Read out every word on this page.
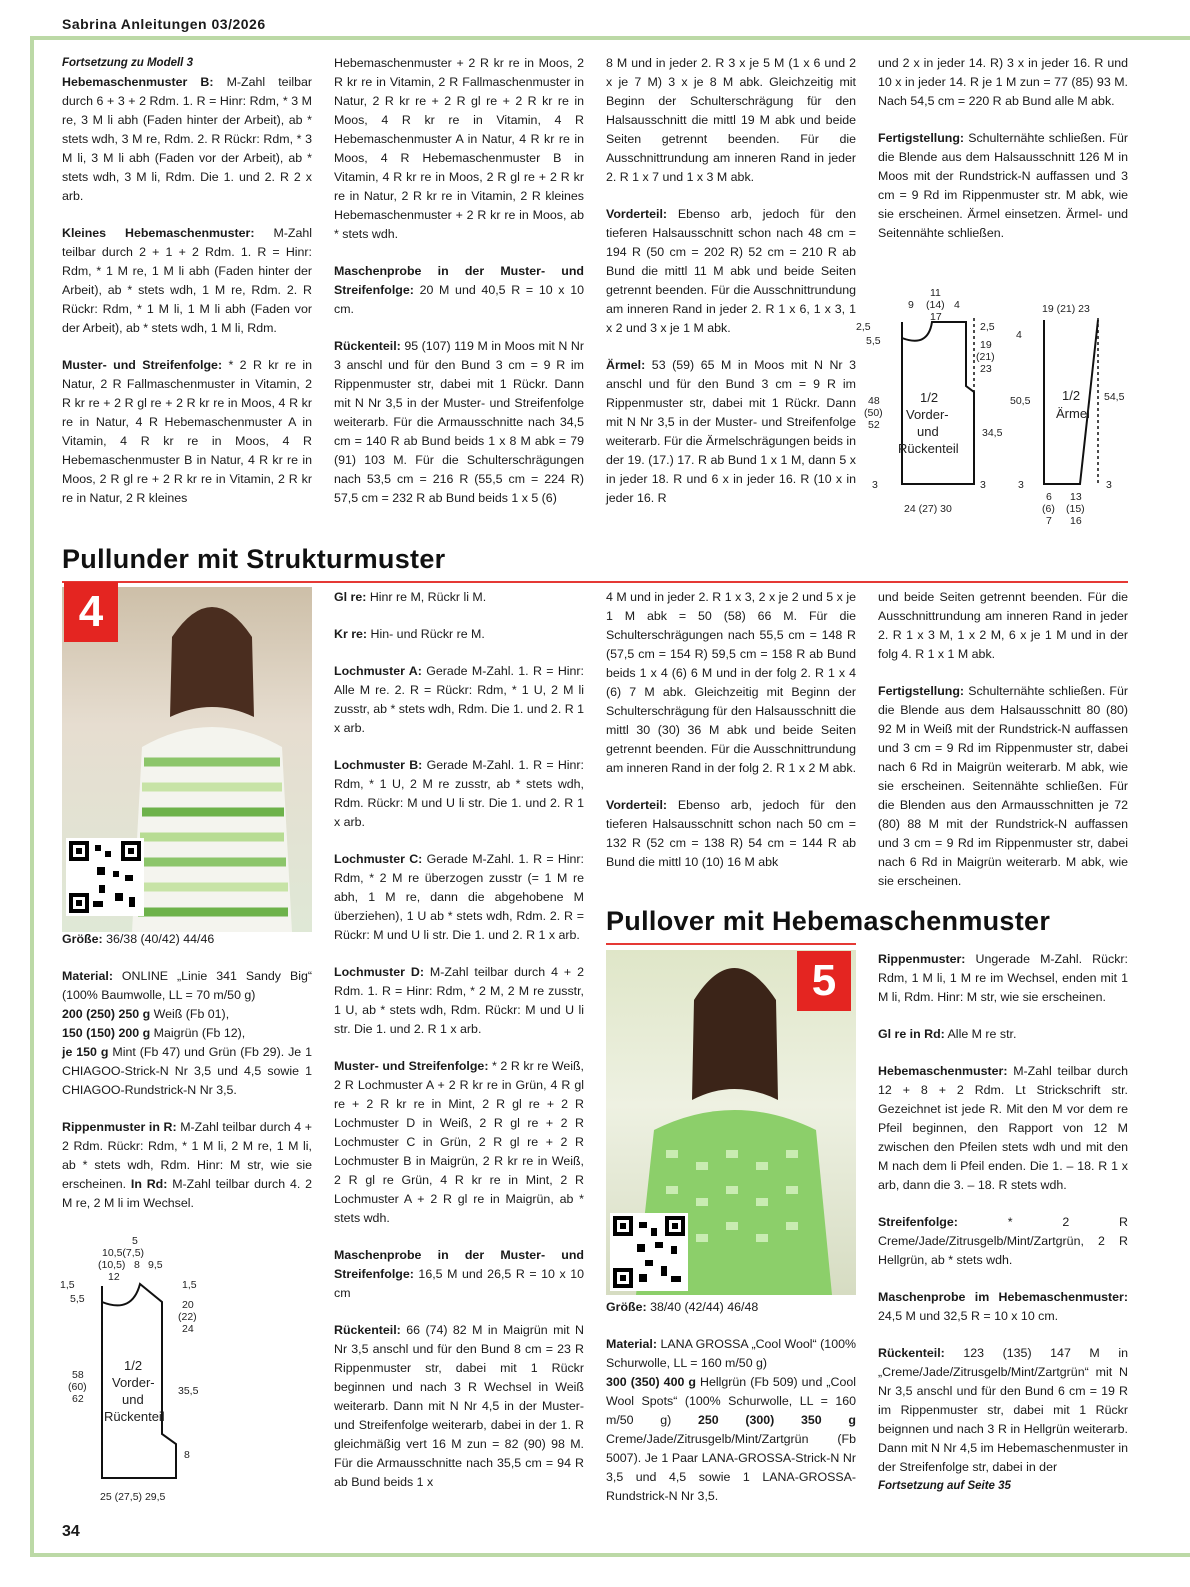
Sabrina Anleitungen 03/2026
34
Fortsetzung zu Modell 3

Hebemaschenmuster B: M-Zahl teilbar durch 6 + 3 + 2 Rdm. 1. R = Hinr: Rdm, * 3 M re, 3 M li abh (Faden hinter der Arbeit), ab * stets wdh, 3 M re, Rdm. 2. R Rückr: Rdm, * 3 M li, 3 M li abh (Faden vor der Arbeit), ab * stets wdh, 3 M li, Rdm. Die 1. und 2. R 2 x arb.

Kleines Hebemaschenmuster: M-Zahl teilbar durch 2 + 1 + 2 Rdm. 1. R = Hinr: Rdm, * 1 M re, 1 M li abh (Faden hinter der Arbeit), ab * stets wdh, 1 M re, Rdm. 2. R Rückr: Rdm, * 1 M li, 1 M li abh (Faden vor der Arbeit), ab * stets wdh, 1 M li, Rdm.

Muster- und Streifenfolge: * 2 R kr re in Natur, 2 R Fallmaschenmuster in Vitamin, 2 R kr re + 2 R gl re + 2 R kr re in Moos, 4 R kr re in Natur, 4 R Hebemaschenmuster A in Vitamin, 4 R kr re in Moos, 4 R Hebemaschenmuster B in Natur, 4 R kr re in Moos, 2 R gl re + 2 R kr re in Vitamin, 2 R kr re in Natur, 2 R kleines

Hebemaschenmuster + 2 R kr re in Moos, 2 R kr re in Vitamin, 2 R Fallmaschenmuster in Natur, 2 R kr re + 2 R gl re + 2 R kr re in Moos, 4 R kr re in Vitamin, 4 R Hebemaschenmuster A in Natur, 4 R kr re in Moos, 4 R Hebemaschenmuster B in Vitamin, 4 R kr re in Moos, 2 R gl re + 2 R kr re in Natur, 2 R kr re in Vitamin, 2 R kleines Hebemaschenmuster + 2 R kr re in Moos, ab * stets wdh.

Maschenprobe in der Muster- und Streifenfolge: 20 M und 40,5 R = 10 x 10 cm.

Rückenteil: 95 (107) 119 M in Moos mit N Nr 3 anschl und für den Bund 3 cm = 9 R im Rippenmuster str, dabei mit 1 Rückr. Dann mit N Nr 3,5 in der Muster- und Streifenfolge weiterarb. Für die Armausschnitte nach 34,5 cm = 140 R ab Bund beids 1 x 8 M abk = 79 (91) 103 M. Für die Schulterschrägungen nach 53,5 cm = 216 R (55,5 cm = 224 R) 57,5 cm = 232 R ab Bund beids 1 x 5 (6)

8 M und in jeder 2. R 3 x je 5 M (1 x 6 und 2 x je 7 M) 3 x je 8 M abk. Gleichzeitig mit Beginn der Schulterschrägung für den Halsausschnitt die mittl 19 M abk und beide Seiten getrennt beenden. Für die Ausschnittrundung am inneren Rand in jeder 2. R 1 x 7 und 1 x 3 M abk.

Vorderteil: Ebenso arb, jedoch für den tieferen Halsausschnitt schon nach 48 cm = 194 R (50 cm = 202 R) 52 cm = 210 R ab Bund die mittl 11 M abk und beide Seiten getrennt beenden. Für die Ausschnittrundung am inneren Rand in jeder 2. R 1 x 6, 1 x 3, 1 x 2 und 3 x je 1 M abk.

Ärmel: 53 (59) 65 M in Moos mit N Nr 3 anschl und für den Bund 3 cm = 9 R im Rippenmuster str, dabei mit 1 Rückr. Dann mit N Nr 3,5 in der Muster- und Streifenfolge weiterarb. Für die Ärmelschrägungen beids in der 19. (17.) 17. R ab Bund 1 x 1 M, dann 5 x in jeder 18. R und 6 x in jeder 16. R (10 x in jeder 16. R

und 2 x in jeder 14. R) 3 x in jeder 16. R und 10 x in jeder 14. R je 1 M zun = 77 (85) 93 M. Nach 54,5 cm = 220 R ab Bund alle M abk.

Fertigstellung: Schulternähte schließen. Für die Blende aus dem Halsausschnitt 126 M in Moos mit der Rundstrick-N auffassen und 3 cm = 9 Rd im Rippenmuster str. M abk, wie sie erscheinen. Ärmel einsetzen. Ärmel- und Seitennähte schließen.

9
11
(14)
17
4
2,5
5,5
2,5
19
(21)
23
48
(50)
52
1/2
Vorder-
und
Rückenteil
34,5
3	3
24 (27) 30
19 (21) 23
4
50,5 1/2
Ärmel
54,5
3	3
6
(6)
7
13
(15)
16
Pullunder mit Strukturmuster
4

Größe: 36/38 (40/42) 44/46

Material: ONLINE „Linie 341 Sandy Big“ (100% Baumwolle, LL = 70 m/50 g)
200 (250) 250 g Weiß (Fb 01),
150 (150) 200 g Maigrün (Fb 12),
je 150 g Mint (Fb 47) und Grün (Fb 29). Je 1 CHIAGOO-Strick-N Nr 3,5 und 4,5 sowie 1 CHIAGOO-Rundstrick-N Nr 3,5.

Rippenmuster in R: M-Zahl teilbar durch 4 + 2 Rdm. Rückr: Rdm, * 1 M li, 2 M re, 1 M li, ab * stets wdh, Rdm. Hinr: M str, wie sie erscheinen. In Rd: M-Zahl teilbar durch 4. 2 M re, 2 M li im Wechsel.

5
10,5(7,5)
(10,5) 8 9,5
12
1,5
5,5
1,5
20
(22)
24
58
(60)
62
1/2
Vorder-
und
Rückenteil
35,5
8
25 (27,5) 29,5

Gl re: Hinr re M, Rückr li M.

Kr re: Hin- und Rückr re M.

Lochmuster A: Gerade M-Zahl. 1. R = Hinr: Alle M re. 2. R = Rückr: Rdm, * 1 U, 2 M li zusstr, ab * stets wdh, Rdm. Die 1. und 2. R 1 x arb.

Lochmuster B: Gerade M-Zahl. 1. R = Hinr: Rdm, * 1 U, 2 M re zusstr, ab * stets wdh, Rdm. Rückr: M und U li str. Die 1. und 2. R 1 x arb.

Lochmuster C: Gerade M-Zahl. 1. R = Hinr: Rdm, * 2 M re überzogen zusstr (= 1 M re abh, 1 M re, dann die abgehobene M überziehen), 1 U ab * stets wdh, Rdm. 2. R = Rückr: M und U li str. Die 1. und 2. R 1 x arb.

Lochmuster D: M-Zahl teilbar durch 4 + 2 Rdm. 1. R = Hinr: Rdm, * 2 M, 2 M re zusstr, 1 U, ab * stets wdh, Rdm. Rückr: M und U li str. Die 1. und 2. R 1 x arb.

Muster- und Streifenfolge: * 2 R kr re Weiß, 2 R Lochmuster A + 2 R kr re in Grün, 4 R gl re + 2 R kr re in Mint, 2 R gl re + 2 R Lochmuster D in Weiß, 2 R gl re + 2 R Lochmuster C in Grün, 2 R gl re + 2 R Lochmuster B in Maigrün, 2 R kr re in Weiß, 2 R gl re Grün, 4 R kr re in Mint, 2 R Lochmuster A + 2 R gl re in Maigrün, ab * stets wdh.

Maschenprobe in der Muster- und Streifenfolge: 16,5 M und 26,5 R = 10 x 10 cm

Rückenteil: 66 (74) 82 M in Maigrün mit N Nr 3,5 anschl und für den Bund 8 cm = 23 R Rippenmuster str, dabei mit 1 Rückr beginnen und nach 3 R Wechsel in Weiß weiterarb. Dann mit N Nr 4,5 in der Muster- und Streifenfolge weiterarb, dabei in der 1. R gleichmäßig vert 16 M zun = 82 (90) 98 M. Für die Armausschnitte nach 35,5 cm = 94 R ab Bund beids 1 x

4 M und in jeder 2. R 1 x 3, 2 x je 2 und 5 x je 1 M abk = 50 (58) 66 M. Für die Schulterschrägungen nach 55,5 cm = 148 R (57,5 cm = 154 R) 59,5 cm = 158 R ab Bund beids 1 x 4 (6) 6 M und in der folg 2. R 1 x 4 (6) 7 M abk. Gleichzeitig mit Beginn der Schulterschrägung für den Halsausschnitt die mittl 30 (30) 36 M abk und beide Seiten getrennt beenden. Für die Ausschnittrundung am inneren Rand in der folg 2. R 1 x 2 M abk.

Vorderteil: Ebenso arb, jedoch für den tieferen Halsausschnitt schon nach 50 cm = 132 R (52 cm = 138 R) 54 cm = 144 R ab Bund die mittl 10 (10) 16 M abk

und beide Seiten getrennt beenden. Für die Ausschnittrundung am inneren Rand in jeder 2. R 1 x 3 M, 1 x 2 M, 6 x je 1 M und in der folg 4. R 1 x 1 M abk.

Fertigstellung: Schulternähte schließen. Für die Blende aus dem Halsausschnitt 80 (80) 92 M in Weiß mit der Rundstrick-N auffassen und 3 cm = 9 Rd im Rippenmuster str, dabei nach 6 Rd in Maigrün weiterarb. M abk, wie sie erscheinen. Seitennähte schließen. Für die Blenden aus den Armausschnitten je 72 (80) 88 M mit der Rundstrick-N auffassen und 3 cm = 9 Rd im Rippenmuster str, dabei nach 6 Rd in Maigrün weiterarb. M abk, wie sie erscheinen.

Pullover mit Hebemaschenmuster
5

Größe: 38/40 (42/44) 46/48

Material: LANA GROSSA „Cool Wool“ (100% Schurwolle, LL = 160 m/50 g)
300 (350) 400 g Hellgrün (Fb 509) und „Cool Wool Spots“ (100% Schurwolle, LL = 160 m/50 g) 250 (300) 350 g Creme/Jade/Zitrusgelb/Mint/Zartgrün (Fb 5007). Je 1 Paar LANA-GROSSA-Strick-N Nr 3,5 und 4,5 sowie 1 LANA-GROSSA-Rundstrick-N Nr 3,5.

Rippenmuster: Ungerade M-Zahl. Rückr: Rdm, 1 M li, 1 M re im Wechsel, enden mit 1 M li, Rdm. Hinr: M str, wie sie erscheinen.

Gl re in Rd: Alle M re str.

Hebemaschenmuster: M-Zahl teilbar durch 12 + 8 + 2 Rdm. Lt Strickschrift str. Gezeichnet ist jede R. Mit den M vor dem re Pfeil beginnen, den Rapport von 12 M zwischen den Pfeilen stets wdh und mit den M nach dem li Pfeil enden. Die 1. – 18. R 1 x arb, dann die 3. – 18. R stets wdh.

Streifenfolge:	* 2 R Creme/Jade/Zitrusgelb/Mint/Zartgrün, 2 R Hellgrün, ab * stets wdh.

Maschenprobe im Hebemaschenmuster: 24,5 M und 32,5 R = 10 x 10 cm.

Rückenteil: 123 (135) 147 M in „Creme/Jade/Zitrusgelb/Mint/Zartgrün“ mit N Nr 3,5 anschl und für den Bund 6 cm = 19 R im Rippenmuster str, dabei mit 1 Rückr beignnen und nach 3 R in Hellgrün weiterarb. Dann mit N Nr 4,5 im Hebemaschenmuster in der Streifenfolge str, dabei in der

Fortsetzung auf Seite 35
